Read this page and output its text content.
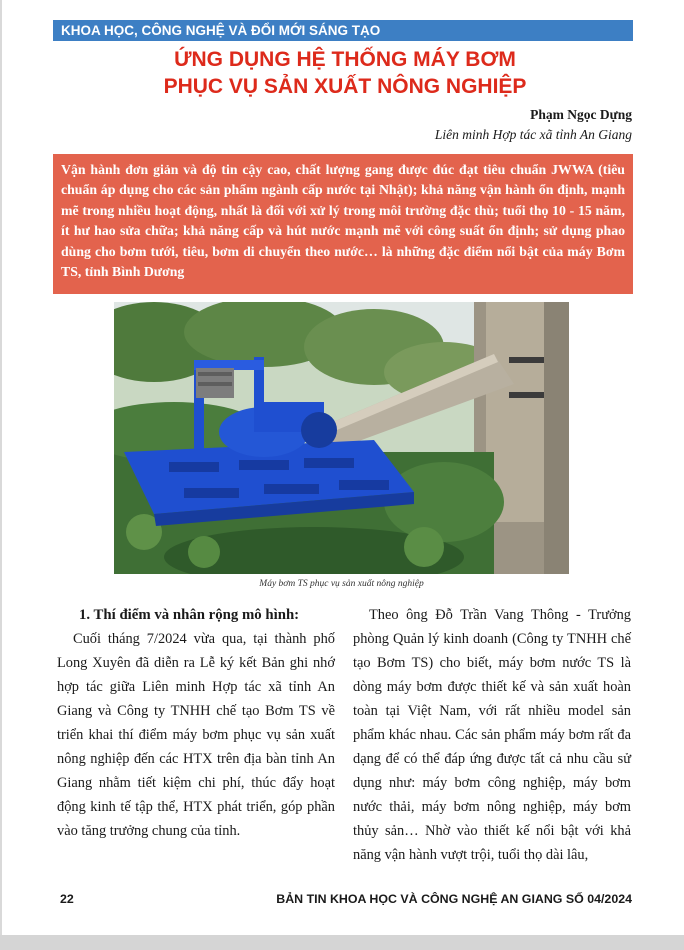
KHOA HỌC, CÔNG NGHỆ VÀ ĐỔI MỚI SÁNG TẠO
ỨNG DỤNG HỆ THỐNG MÁY BƠM
PHỤC VỤ SẢN XUẤT NÔNG NGHIỆP
Phạm Ngọc Dựng
Liên minh Hợp tác xã tỉnh An Giang
Vận hành đơn giản và độ tin cậy cao, chất lượng gang được đúc đạt tiêu chuẩn JWWA (tiêu chuẩn áp dụng cho các sản phẩm ngành cấp nước tại Nhật); khả năng vận hành ổn định, mạnh mẽ trong nhiều hoạt động, nhất là đối với xử lý trong môi trường đặc thù; tuổi thọ 10 - 15 năm, ít hư hao sửa chữa; khả năng cấp và hút nước mạnh mẽ với công suất ổn định; sử dụng phao dùng cho bơm tưới, tiêu, bơm di chuyển theo nước… là những đặc điểm nổi bật của máy Bơm TS, tỉnh Bình Dương
Máy bơm TS phục vụ sản xuất nông nghiệp
1. Thí điểm và nhân rộng mô hình:

Cuối tháng 7/2024 vừa qua, tại thành phố Long Xuyên đã diễn ra Lễ ký kết Bản ghi nhớ hợp tác giữa Liên minh Hợp tác xã tỉnh An Giang và Công ty TNHH chế tạo Bơm TS về triển khai thí điểm máy bơm phục vụ sản xuất nông nghiệp đến các HTX trên địa bàn tỉnh An Giang nhằm tiết kiệm chi phí, thúc đẩy hoạt động kinh tế tập thể, HTX phát triển, góp phần vào tăng trưởng chung của tỉnh.

Theo ông Đỗ Trần Vang Thông - Trưởng phòng Quản lý kinh doanh (Công ty TNHH chế tạo Bơm TS) cho biết, máy bơm nước TS là dòng máy bơm được thiết kế và sản xuất hoàn toàn tại Việt Nam, với rất nhiều model sản phẩm khác nhau. Các sản phẩm máy bơm rất đa dạng để có thể đáp ứng được tất cả nhu cầu sử dụng như: máy bơm công nghiệp, máy bơm nước thải, máy bơm nông nghiệp, máy bơm thủy sản… Nhờ vào thiết kế nổi bật với khả năng vận hành vượt trội, tuổi thọ dài lâu,

22	BẢN TIN KHOA HỌC VÀ CÔNG NGHỆ AN GIANG SỐ 04/2024
